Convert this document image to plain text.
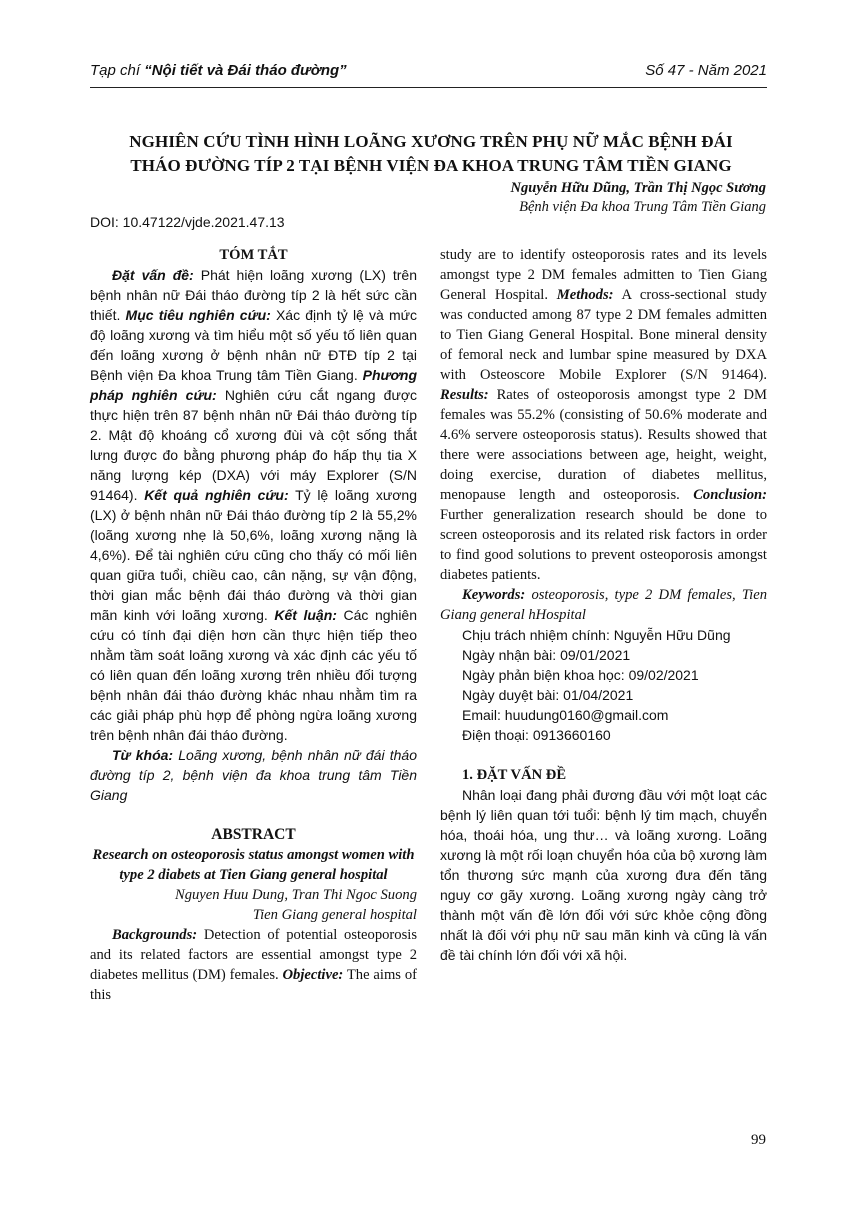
Tạp chí “Nội tiết và Đái tháo đường”	Số 47 - Năm 2021
NGHIÊN CỨU TÌNH HÌNH LOÃNG XƯƠNG TRÊN PHỤ NỮ MẮC BỆNH ĐÁI
THÁO ĐƯỜNG TÍP 2 TẠI BỆNH VIỆN ĐA KHOA TRUNG TÂM TIỀN GIANG
Nguyễn Hữu Dũng, Trần Thị Ngọc Sương
Bệnh viện Đa khoa Trung Tâm Tiền Giang
DOI: 10.47122/vjde.2021.47.13

TÓM TẮT

Đặt vấn đề: Phát hiện loãng xương (LX) trên bệnh nhân nữ Đái tháo đường típ 2 là hết sức cần thiết. Mục tiêu nghiên cứu: Xác định tỷ lệ và mức độ loãng xương và tìm hiểu một số yếu tố liên quan đến loãng xương ở bệnh nhân nữ ĐTĐ típ 2 tại Bệnh viện Đa khoa Trung tâm Tiền Giang. Phương pháp nghiên cứu: Nghiên cứu cắt ngang được thực hiện trên 87 bệnh nhân nữ Đái tháo đường típ 2. Mật độ khoáng cổ xương đùi và cột sống thắt lưng được đo bằng phương pháp đo hấp thụ tia X năng lượng kép (DXA) với máy Explorer (S/N 91464). Kết quả nghiên cứu: Tỷ lệ loãng xương (LX) ở bệnh nhân nữ Đái tháo đường típ 2 là 55,2% (loãng xương nhẹ là 50,6%, loãng xương nặng là 4,6%). Để tài nghiên cứu cũng cho thấy có mối liên quan giữa tuổi, chiều cao, cân nặng, sự vận động, thời gian mắc bệnh đái tháo đường và thời gian mãn kinh với loãng xương. Kết luận: Các nghiên cứu có tính đại diện hơn cần thực hiện tiếp theo nhằm tầm soát loãng xương và xác định các yếu tố có liên quan đến loãng xương trên nhiều đối tượng bệnh nhân đái tháo đường khác nhau nhằm tìm ra các giải pháp phù hợp để phòng ngừa loãng xương trên bệnh nhân đái tháo đường.

Từ khóa: Loãng xương, bệnh nhân nữ đái tháo đường típ 2, bệnh viện đa khoa trung tâm Tiền Giang

ABSTRACT

Research on osteoporosis status amongst women with type 2 diabets at Tien Giang general hospital

Nguyen Huu Dung, Tran Thi Ngoc Suong

Tien Giang general hospital

Backgrounds: Detection of potential osteoporosis and its related factors are essential amongst type 2 diabetes mellitus (DM) females. Objective: The aims of this

study are to identify osteoporosis rates and its levels amongst type 2 DM females admitten to Tien Giang General Hospital. Methods: A cross-sectional study was conducted among 87 type 2 DM females admitten to Tien Giang General Hospital. Bone mineral density of femoral neck and lumbar spine measured by DXA with Osteoscore Mobile Explorer (S/N 91464). Results: Rates of osteoporosis amongst type 2 DM females was 55.2% (consisting of 50.6% moderate and 4.6% servere osteoporosis status). Results showed that there were associations between age, height, weight, doing exercise, duration of diabetes mellitus, menopause length and osteoporosis. Conclusion: Further generalization research should be done to screen osteoporosis and its related risk factors in order to find good solutions to prevent osteoporosis amongst diabetes patients.

Keywords: osteoporosis, type 2 DM females, Tien Giang general hHospital

Chịu trách nhiệm chính: Nguyễn Hữu Dũng

Ngày nhận bài: 09/01/2021

Ngày phản biện khoa học: 09/02/2021

Ngày duyệt bài: 01/04/2021

Email: huudung0160@gmail.com

Điện thoại: 0913660160

1. ĐẶT VẤN ĐỀ

Nhân loại đang phải đương đầu với một loạt các bệnh lý liên quan tới tuổi: bệnh lý tim mạch, chuyển hóa, thoái hóa, ung thư… và loãng xương. Loãng xương là một rối loạn chuyển hóa của bộ xương làm tổn thương sức mạnh của xương đưa đến tăng nguy cơ gãy xương. Loãng xương ngày càng trở thành một vấn đề lớn đối với sức khỏe cộng đồng nhất là đối với phụ nữ sau mãn kinh và cũng là vấn đề tài chính lớn đối với xã hội.

99
